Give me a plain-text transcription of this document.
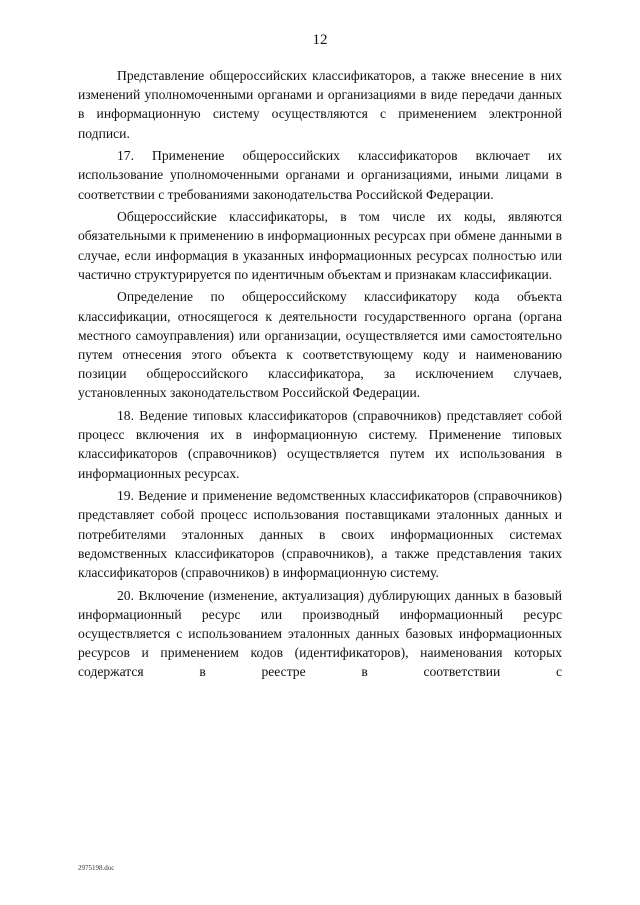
12

Представление общероссийских классификаторов, а также внесение в них изменений уполномоченными органами и организациями в виде передачи данных в информационную систему осуществляются с применением электронной подписи.

17. Применение общероссийских классификаторов включает их использование уполномоченными органами и организациями, иными лицами в соответствии с требованиями законодательства Российской Федерации.

Общероссийские классификаторы, в том числе их коды, являются обязательными к применению в информационных ресурсах при обмене данными в случае, если информация в указанных информационных ресурсах полностью или частично структурируется по идентичным объектам и признакам классификации.

Определение по общероссийскому классификатору кода объекта классификации, относящегося к деятельности государственного органа (органа местного самоуправления) или организации, осуществляется ими самостоятельно путем отнесения этого объекта к соответствующему коду и наименованию позиции общероссийского классификатора, за исключением случаев, установленных законодательством Российской Федерации.

18. Ведение типовых классификаторов (справочников) представляет собой процесс включения их в информационную систему. Применение типовых классификаторов (справочников) осуществляется путем их использования в информационных ресурсах.

19. Ведение и применение ведомственных классификаторов (справочников) представляет собой процесс использования поставщиками эталонных данных и потребителями эталонных данных в своих информационных системах ведомственных классификаторов (справочников), а также представления таких классификаторов (справочников) в информационную систему.

20. Включение (изменение, актуализация) дублирующих данных в базовый информационный ресурс или производный информационный ресурс осуществляется с использованием эталонных данных базовых информационных ресурсов и применением кодов (идентификаторов), наименования которых содержатся в реестре в соответствии с

2975198.doc
